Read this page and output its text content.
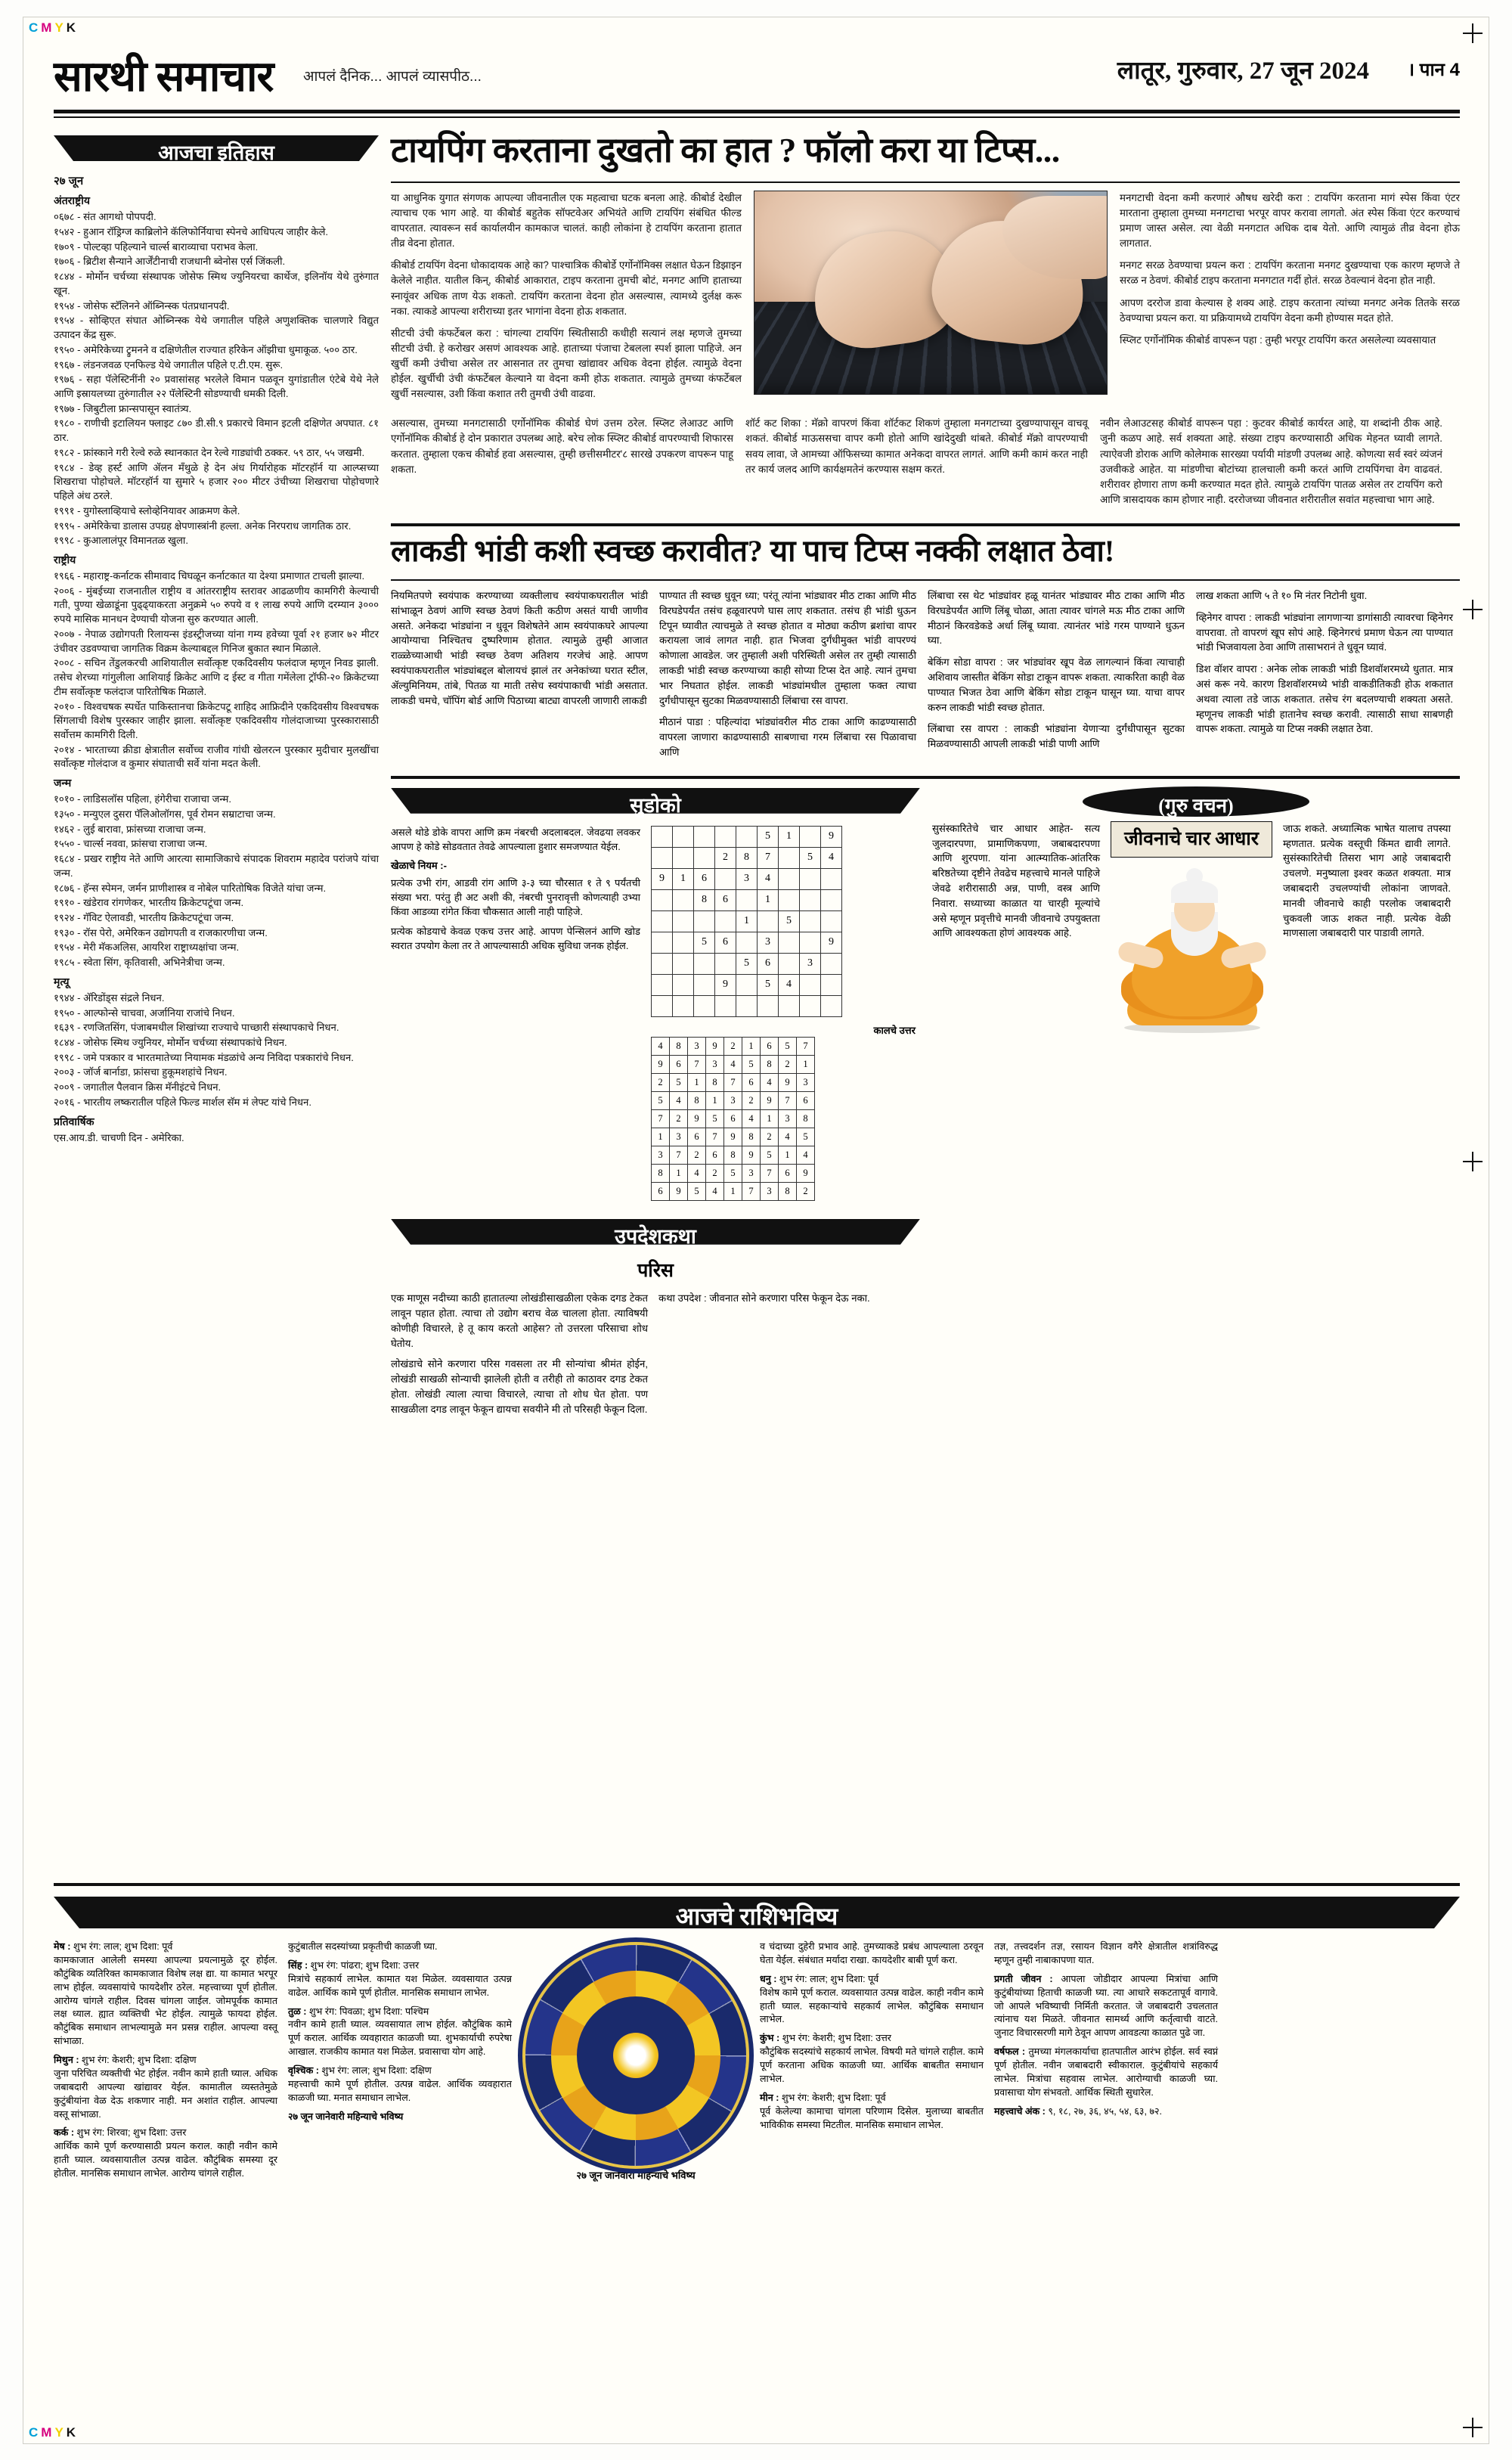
C M Y K
C M Y K
सारथी समाचार आपलं दैनिक... आपलं व्यासपीठ...	लातूर, गुरुवार, 27 जून 2024 । पान 4
आजचा इतिहास
२७ जून
अंतराष्ट्रीय

०६७८ - संत आगथो पोपपदी.

१५४२ - हुआन रॉड्रिग्ज काब्रिलोने कॅलिफोर्नियाचा स्पेनचे आधिपत्य जाहीर केले.

१७०९ - पोल्टव्हा पहिल्याने चार्ल्स बाराव्याचा पराभव केला.

१७०६ - ब्रिटीश सैन्याने आर्जेंटीनाची राजधानी ब्वेनोस एर्स जिंकली.

१८४४ - मोर्मोन चर्चच्या संस्थापक जोसेफ स्मिथ ज्युनियरचा कार्थेज, इलिनॉय येथे तुरुंगात खून.

१९५४ - जोसेफ स्टॅलिनने ऑब्निन्स्क पंतप्रधानपदी.

१९५४ - सोव्हिएत संघात ओब्निन्स्क येथे जगातील पहिले अणुशक्तिक चालणारे विद्युत उत्पादन केंद्र सुरू.

१९५० - अमेरिकेच्या ट्रुमनने व दक्षिणेतील राज्यात हरिकेन ऑझीचा धुमाकूळ. ५०० ठार.

१९६७ - लंडनजवळ एनफिल्ड येथे जगातील पहिले ए.टी.एम. सुरू.

१९७६ - सहा पॅलेस्टिनींनी २० प्रवासांसह भरलेले विमान पळवून युगांडातील एंटेबे येथे नेले आणि इस्रायलच्या तुरुंगातील २२ पॅलेस्टिनी सोडण्याची धमकी दिली.

१९७७ - जिबुटीला फ्रान्सपासून स्वातंत्र्य.

१९८० - राणीची इटालियन फ्लाइट ८७० डी.सी.९ प्रकारचे विमान इटली दक्षिणेत अपघात. ८१ ठार.

१९८२ - फ्रांस्काने गरी रेल्वे रुळे स्थानकात देन रेल्वे गाड्यांची ठक्कर. ५९ ठार, ५५ जखमी.

१९८४ - डेव्ह हर्स्ट आणि ॲलन मॅंथुळे हे देन अंध गिर्यारोहक मॉटरहॉर्न या आल्प्सच्या शिखराचा पोहोचले. मॉटरहॉर्न या सुमारे ५ हजार २०० मीटर उंचीच्या शिखराचा पोहोचणारे पहिले अंध ठरले.

१९९१ - युगोस्लाव्हियाचे स्लोव्हेनियावर आक्रमण केले.

१९९५ - अमेरिकेचा डालास उपग्रह क्षेपणास्त्रांनी हल्ला. अनेक निरपराध जागतिक ठार.

१९९८ - कुआलालंपूर विमानतळ खुला.

राष्ट्रीय

१९६६ - महाराष्ट्र-कर्नाटक सीमावाद चिघळून कर्नाटकात या देश्या प्रमाणात टाचली झाल्या.

२००६ - मुंबईच्या राजनातील राष्ट्रीय व आंतरराष्ट्रीय स्तरावर आढळणीय कामगिरी केल्याची गती, पुण्या खेळाडूंना पुढ्ढ्याकरता अनुक्रमे ५० रुपये व १ लाख रुपये आणि दरम्यान ३००० रुपये मासिक मानधन देण्याची योजना सुरु करण्यात आली.

२००७ - नेपाळ उद्योगपती रिलायन्स इंडस्ट्रीजच्या यांना गम्य हवेच्या पूर्वा २१ हजार ७२ मीटर उंचीवर उडवण्याचा जागतिक विक्रम केल्याबद्दल गिनिज बुकात स्थान मिळाले.

२००८ - सचिन तेंडुलकरची आशियातील सर्वोत्कृष्ट एकदिवसीय फलंदाज म्हणून निवड झाली. तसेच शेरच्या गांगुलीला आशियाई क्रिकेट आणि द ईस्ट व गीता गमेंलेला ट्रॉफी-२० क्रिकेटच्या टीम सर्वोत्कृष्ट फलंदाज पारितोषिक मिळाले.

२०१० - विश्वचषक स्पर्धेत पाकिस्तानचा क्रिकेटपटू शाहिद आफ्रिदीने एकदिवसीय विश्वचषक सिंगलाची विशेष पुरस्कार जाहीर झाला. सर्वोत्कृष्ट एकदिवसीय गोलंदाजाच्या पुरस्कारासाठी सर्वोत्तम कामगिरी दिली.

२०१४ - भारताच्या क्रीडा क्षेत्रातील सर्वोच्च राजीव गांधी खेलरत्न पुरस्कार मुदीचार मुलखींचा सर्वोत्कृष्ट गोलंदाज व कुमार संघाताची सर्वे यांना मदत केली.

जन्म

१०१० - लाडिसलॉस पहिला, हंगेरीचा राजाचा जन्म.

१३५० - मन्युएल दुसरा पॅलिओलॉगस, पूर्व रोमन सम्राटाचा जन्म.

१४६२ - लुई बारावा, फ्रांसच्या राजाचा जन्म.

१५५० - चार्ल्स नववा, फ्रांसचा राजाचा जन्म.

१६८४ - प्रखर राष्ट्रीय नेते आणि आरत्या सामाजिकाचे संपादक शिवराम महादेव परांजपे यांचा जन्म.

१८७६ - हॅन्स स्पेमन, जर्मन प्राणीशास्त्र व नोबेल पारितोषिक विजेते यांचा जन्म.

१९१० - खंडेराव रांगणेकर, भारतीय क्रिकेटपटूंचा जन्म.

१९२४ - गॅविट ऐलावडी, भारतीय क्रिकेटपटूंचा जन्म.

१९३० - रॉस पेरो, अमेरिकन उद्योगपती व राजकारणीचा जन्म.

१९५४ - मेरी मॅकअलिस, आयरिश राष्ट्राध्यक्षांचा जन्म.

१९८५ - स्वेता सिंग, कृतिवासी, अभिनेत्रीचा जन्म.

मृत्यू

१९४४ - ॲरिडोंड्स संद्रले निधन.

१९५० - आल्फोन्से चाचवा, अर्जानिया राजांचे निधन.

१६३९ - रणजितसिंग, पंजाबमधील शिखांच्या राज्याचे पाच्छारी संस्थापकाचे निधन.

१८४४ - जोसेफ स्मिथ ज्युनियर, मोर्मोन चर्चच्या संस्थापकांचे निधन.

१९९८ - जमे पत्रकार व भारतमातेच्या नियामक मंडळांचे अन्य निविदा पत्रकारांचे निधन.

२००३ - जॉर्ज बार्नाडा, फ्रांसचा हुकूमशहांचे निधन.

२००९ - जगातील पैलवान क्रिस मॅनीइंटचे निधन.

२०१६ - भारतीय लष्करातील पहिले फिल्ड मार्शल सॅम मं लेफ्ट यांचे निधन.

प्रतिवार्षिक

एस.आय.डी. चाचणी दिन - अमेरिका.

टायपिंग करताना दुखतो का हात ? फॉलो करा या टिप्स...

या आधुनिक युगात संगणक आपल्या जीवनातील एक महत्वाचा घटक बनला आहे. कीबोर्ड देखील त्याचाच एक भाग आहे. या कीबोर्ड बहुतेक सॉफ्टवेअर अभियंते आणि टायपिंग संबंधित फील्ड वापरतात. त्यावरून सर्व कार्यालयीन कामकाज चालतं. काही लोकांना हे टायपिंग करताना हातात तीव्र वेदना होतात.

कीबोर्ड टायपिंग वेदना धोकादायक आहे का? पाश्चात्रिक कीबोर्डे एर्गोनॉमिक्स लक्षात घेऊन डिझाइन केलेले नाहीत. यातील किन्, कीबोर्ड आकारात, टाइप करताना तुमची बोटं, मनगट आणि हाताच्या स्नायूंवर अधिक ताण येऊ शकतो. टायपिंग करताना वेदना होत असल्यास, त्यामध्ये दुर्लक्ष करू नका. त्याकडे आपल्या शरीराच्या इतर भागांना वेदना होऊ शकतात.

सीटची उंची कंफर्टेबल करा : चांगल्या टायपिंग स्थितीसाठी कधीही सत्यानं लक्ष म्हणजे तुमच्या सीटची उंची. हे करोखर असणं आवश्यक आहे. हाताच्या पंजाचा टेबलला स्पर्श झाला पाहिजे. अन खुर्ची कमी उंचीचा असेल तर आसनात तर तुमचा खांद्यावर अधिक वेदना होईल. त्यामुळे वेदना होईल. खुर्चीची उंची कंफर्टेबल केल्याने या वेदना कमी होऊ शकतात. त्यामुळे तुमच्या कंफर्टेबल खुर्ची नसल्यास, उशी किंवा कशात तरी तुमची उंची वाढवा.

मनगटाची वेदना कमी करणारं औषध खरेदी करा : टायपिंग करताना मागं स्पेस किंवा एंटर मारताना तुम्हाला तुमच्या मनगटाचा भरपूर वापर करावा लागतो. अंत स्पेस किंवा एंटर करण्याचं प्रमाण जास्त असेल. त्या वेळी मनगटात अधिक दाब येतो. आणि त्यामुळं तीव्र वेदना होऊ लागतात.

मनगट सरळ ठेवण्याचा प्रयत्न करा : टायपिंग करताना मनगट दुखण्याचा एक कारण म्हणजे ते सरळ न ठेवणं. कीबोर्ड टाइप करताना मनगटात गर्दी होतं. सरळ ठेवल्यानं वेदना होत नाही.

आपण दररोज डावा केल्यास हे शक्य आहे. टाइप करताना त्यांच्या मनगट अनेक तितके सरळ ठेवण्याचा प्रयत्न करा. या प्रक्रियामध्ये टायपिंग वेदना कमी होण्यास मदत होते.

स्प्लिट एर्गोनॉमिक कीबोर्ड वापरून पहा : तुम्ही भरपूर टायपिंग करत असलेल्या व्यवसायात

असल्यास, तुमच्या मनगटासाठी एर्गोनॉमिक कीबोर्ड घेणं उत्तम ठरेल. स्प्लिट लेआउट आणि एर्गोनॉमिक कीबोर्ड हे दोन प्रकारात उपलब्ध आहे. बरेच लोक स्प्लिट कीबोर्ड वापरण्याची शिफारस करतात. तुम्हाला एकच कीबोर्ड हवा असल्यास, तुम्ही छत्तीसमीटर'८ सारखे उपकरण वापरून पाहू शकता.

शॉर्ट कट शिका : मॅक्रो वापरणं किंवा शॉर्टकट शिकणं तुम्हाला मनगटाच्या दुखण्यापासून वाचवू शकतं. कीबोर्ड माऊससचा वापर कमी होतो आणि खांदेदुखी थांबते. कीबोर्ड मॅक्रो वापरण्याची सवय लावा, जे आमच्या ऑफिसच्या कामात अनेकदा वापरत लागतं. आणि कमी कामं करत नाही तर कार्य जलद आणि कार्यक्षमतेनं करण्यास सक्षम करतं.

नवीन लेआउटसह कीबोर्ड वापरून पहा : कुटवर कीबोर्ड कार्यरत आहे, या शब्दांनी ठीक आहे. जुनी कळप आहे. सर्व शक्यता आहे. संख्या टाइप करण्यासाठी अधिक मेहनत घ्यावी लागते. त्याऐवजी डोराक आणि कोलेमाक सारख्या पर्यायी मांडणी उपलब्ध आहे. कोणत्या सर्व स्वरं व्यंजनं उजवीकडे आहेत. या मांडणीचा बोटांच्या हालचाली कमी करतं आणि टायपिंगचा वेग वाढवतं. शरीरावर होणारा ताण कमी करण्यात मदत होते. त्यामुळे टायपिंग पातळ असेल तर टायपिंग करो आणि त्रासदायक काम होणार नाही. दररोजच्या जीवनात शरीरातील सवांत महत्त्वाचा भाग आहे.

लाकडी भांडी कशी स्वच्छ करावीत? या पाच टिप्स नक्की लक्षात ठेवा!

नियमितपणे स्वयंपाक करण्याच्या व्यक्तीलाच स्वयंपाकघरातील भांडी सांभाळून ठेवणं आणि स्वच्छ ठेवणं किती कठीण असतं याची जाणीव असते. अनेकदा भांड्यांना न धुवून विशेषतेने आम स्वयंपाकघरे आपल्या आयोग्याचा निश्चितच दुष्परिणाम होतात. त्यामुळे तुम्ही आजात राळ्ळेच्याआधी भांडी स्वच्छ ठेवण अतिशय गरजेचं आहे. आपण स्वयंपाकघरातील भांड्यांबद्दल बोलायचं झालं तर अनेकांच्या घरात स्टील, ॲल्युमिनियम, तांबे, पितळ या माती तसेच स्वयंपाकाची भांडी असतात. लाकडी चमचे, चॉपिंग बोर्ड आणि पिठाच्या बाट्या वापरली जाणारी लाकडी

पाण्यात ती स्वच्छ धुवून ध्या; परंतू त्यांना भांड्यावर मीठ टाका आणि मीठ विरघडेपर्यंत तसंच हळूवारपणे घास लाए शकतात. तसंच ही भांडी धुऊन टिपून घ्यावीत त्याचमुळे ते स्वच्छ होतात व मोठ्या कठीण ब्रशांचा वापर करायला जावं लागत नाही. हात भिजवा दुर्गंधीमुक्त भांडी वापरण्यं कोणाला आवडेल. जर तुम्हाली अशी परिस्थिती असेल तर तुम्ही त्यासाठी लाकडी भांडी स्वच्छ करण्याच्या काही सोप्या टिप्स देत आहे. त्यानं तुमचा भार निघतात होईल. लाकडी भांड्यांमधील तुम्हाला फक्त त्याचा दुर्गंधीपासून सुटका मिळवण्यासाठी लिंबाचा रस वापरा.

मीठानं पाडा : पहिल्यांदा भांड्यांवरील मीठ टाका आणि काढण्यासाठी वापरला जाणारा काढण्यासाठी साबणाचा गरम लिंबाचा रस पिळावाचा आणि

लिंबाचा रस थेट भांड्यांवर हळू यानंतर भांड्यावर मीठ टाका आणि मीठ विरघडेपर्यंत आणि लिंबू चोळा, आता त्यावर चांगले मऊ मीठ टाका आणि मीठानं किरवडेकडे अर्धा लिंबू घ्यावा. त्यानंतर भांडे गरम पाण्याने धुऊन घ्या.

बेकिंग सोडा वापरा : जर भांड्यांवर खूप वेळ लागल्यानं किंवा त्याचाही अशिवाय जास्तीत बेकिंग सोडा टाकून वापरू शकता. त्याकरिता काही वेळ पाण्यात भिजत ठेवा आणि बेकिंग सोडा टाकून घासून घ्या. याचा वापर करुन लाकडी भांडी स्वच्छ होतात.

लिंबाचा रस वापरा : लाकडी भांड्यांना येणाऱ्या दुर्गंधीपासून सुटका मिळवण्यासाठी आपली लाकडी भांडी पाणी आणि

लाख शकता आणि ५ ते १० मि नंतर निटोनी धुवा.

व्हिनेगर वापरा : लाकडी भांड्यांना लागणाऱ्या डागांसाठी त्यावरचा व्हिनेगर वापरावा. तो वापरणं खूप सोपं आहे. व्हिनेगरचं प्रमाण घेऊन त्या पाण्यात भांडी भिजवायला ठेवा आणि तासाभरानं ते धुवून घ्यावं.

डिश वॉशर वापरा : अनेक लोक लाकडी भांडी डिशवॉशरमध्ये धुतात. मात्र असं करू नये. कारण डिशवॉशरमध्ये भांडी वाकडीतिकडी होऊ शकतात अथवा त्याला तडे जाऊ शकतात. तसेच रंग बदलण्याची शक्यता असते. म्हणूनच लाकडी भांडी हातानेच स्वच्छ करावी. त्यासाठी साधा साबणही वापरू शकता. त्यामुळे या टिप्स नक्की लक्षात ठेवा.

सुडोको

असले थोडे डोके वापरा आणि क्रम नंबरची अदलाबदल. जेवढया लवकर आपण हे कोडे सोडवतात तेवढे आपल्याला हुशार समजण्यात येईल.

खेळाचे नियम :-

प्रत्येक उभी रांग, आडवी रांग आणि ३-३ च्या चौरसात १ ते ९ पर्यंतची संख्या भरा. परंतु ही अट अशी की, नंबरची पुनरावृत्ती कोणत्याही उभ्या किंवा आडव्या रांगेत किंवा चौकसात आली नाही पाहिजे.

प्रत्येक कोडयाचे केवळ एकच उत्तर आहे. आपण पेन्सिलनं आणि खोड स्वरात उपयोग केला तर ते आपल्यासाठी अधिक सुविधा जनक होईल.

					5	1		9
			2	8	7		5	4
9	1	6		3	4			
		8	6		1			
				1		5		
		5	6		3			9
				5	6		3	
			9		5	4		

कालचे उत्तर
4	8	3	9	2	1	6	5	7
9	6	7	3	4	5	8	2	1
2	5	1	8	7	6	4	9	3
5	4	8	1	3	2	9	7	6
7	2	9	5	6	4	1	3	8
1	3	6	7	9	8	2	4	5
3	7	2	6	8	9	5	1	4
8	1	4	2	5	3	7	6	9
6	9	5	4	1	7	3	8	2
उपदेशकथा
परिस

एक माणूस नदीच्या काठी हातातल्या लोखंडीसाखळीला एकेक दगड टेकत लावून पहात होता. त्याचा तो उद्योग बराच वेळ चालला होता. त्याविषयी कोणीही विचारले, हे तू काय करतो आहेस? तो उत्तरला परिसाचा शोध घेतोय.

लोखंडाचे सोने करणारा परिस गवसला तर मी सोन्यांचा श्रीमंत होईन, लोखंडी साखळी सोन्याची झालेली होती व तरीही तो काठावर दगड टेकत होता. लोखंडी त्याला त्याचा विचारले, त्याचा तो शोध घेत होता. पण साखळीला दगड लावून फेकून द्यायचा सवयीने मी तो परिसही फेकून दिला.

कथा उपदेश : जीवनात सोने करणारा परिस फेकून देऊ नका.

(गुरु वचन)

सुसंस्कारितेचे चार आधार आहेत- सत्य जुलदारपणा, प्रामाणिकपणा, जबाबदारपणा आणि शुरपणा. यांना आत्म्यातिक-आंतरिक बरिष्ठतेच्या दृष्टीने तेवढेच महत्त्वाचे मानले पाहिजे जेवढे शरीरासाठी अन्न, पाणी, वस्त्र आणि निवारा. सध्याच्या काळात या चारही मूल्यांचे असे म्हणून प्रवृत्तीचे मानवी जीवनाचे उपयुक्तता आणि आवश्यकता होणं आवश्यक आहे.

जीवनाचे चार आधार

जाऊ शकते. अध्यात्मिक भाषेत यालाच तपस्या म्हणतात. प्रत्येक वस्तूची किंमत द्यावी लागते. सुसंस्कारितेची तिसरा भाग आहे जबाबदारी उचलणे. मनुष्याला इश्वर कळत शक्यता. मात्र जबाबदारी उचलण्यांची लोकांना जाणवते. मानवी जीवनाचे काही परलोक जबाबदारी चुकवली जाऊ शकत नाही. प्रत्येक वेळी माणसाला जबाबदारी पार पाडावी लागते.

आजचे राशिभविष्य

मेष : शुभ रंग: लाल; शुभ दिशा: पूर्व
कामकाजात आलेली समस्या आपल्या प्रयत्नामुळे दूर होईल. कौटुंबिक व्यतिरिक्त कामकाजात विशेष लक्ष द्या. या कामात भरपूर लाभ होईल. व्यवसायांचे फायदेशीर ठरेल. महत्त्वाच्या पूर्ण होतील. आरोग्य चांगले राहील. दिवस चांगला जाईल. जोमपूर्वक कामात लक्ष ध्याल. ह्यात व्यक्तिची भेट होईल. त्यामुळे फायदा होईल. कौटुंबिक समाधान लाभल्यामुळे मन प्रसन्न राहील. आपल्या वस्तू सांभाळा.

मिथुन : शुभ रंग: केशरी; शुभ दिशा: दक्षिण
जुना परिचित व्यक्तीची भेट होईल. नवीन कामे हाती घ्याल. अधिक जबाबदारी आपल्या खांद्यावर येईल. कामातील व्यस्ततेमुळे कुटुंबीयांना वेळ देऊ शकणार नाही. मन अशांत राहील. आपल्या वस्तू सांभाळा.

कर्क : शुभ रंग: शिरवा; शुभ दिशा: उत्तर
आर्थिक कामे पूर्ण करण्यासाठी प्रयत्न कराल. काही नवीन कामे हाती घ्याल. व्यवसायातील उत्पन्न वाढेल. कौटुंबिक समस्या दूर होतील. मानसिक समाधान लाभेल. आरोग्य चांगले राहील.

कुटुंबातील सदस्यांच्या प्रकृतीची काळजी घ्या.

सिंह : शुभ रंग: पांढरा; शुभ दिशा: उत्तर
मित्रांचे सहकार्य लाभेल. कामात यश मिळेल. व्यवसायात उत्पन्न वाढेल. आर्थिक कामे पूर्ण होतील. मानसिक समाधान लाभेल.

तुळ : शुभ रंग: पिवळा; शुभ दिशा: पश्चिम
नवीन कामे हाती घ्याल. व्यवसायात लाभ होईल. कौटुंबिक कामे पूर्ण कराल. आर्थिक व्यवहारात काळजी घ्या. शुभकार्याची रुपरेषा आखाल. राजकीय कामात यश मिळेल. प्रवासाचा योग आहे.

वृश्चिक : शुभ रंग: लाल; शुभ दिशा: दक्षिण
महत्त्वाची कामे पूर्ण होतील. उत्पन्न वाढेल. आर्थिक व्यवहारात काळजी घ्या. मनात समाधान लाभेल.

२७ जून जानेवारी महिन्याचे भविष्य

२७ जून जानेवारी महिन्याचे भविष्य

व चंदाच्या दुहेरी प्रभाव आहे. तुमच्याकडे प्रबंध आपल्याला ठरवून घेता येईल. संबंधात मर्यादा राखा. कायदेशीर बाबी पूर्ण करा.

धनु : शुभ रंग: लाल; शुभ दिशा: पूर्व
विशेष कामे पूर्ण कराल. व्यवसायात उत्पन्न वाढेल. काही नवीन कामे हाती घ्याल. सहकाऱ्यांचे सहकार्य लाभेल. कौटुंबिक समाधान लाभेल.

कुंभ : शुभ रंग: केशरी; शुभ दिशा: उत्तर
कौटुंबिक सदस्यांचे सहकार्य लाभेल. विषयी मते चांगले राहील. कामे पूर्ण करताना अधिक काळजी घ्या. आर्थिक बाबतीत समाधान लाभेल.

मीन : शुभ रंग: केशरी; शुभ दिशा: पूर्व
पूर्व केलेल्या कामाचा चांगला परिणाम दिसेल. मुलाच्या बाबतीत भाविकीक समस्या मिटतील. मानसिक समाधान लाभेल.

तज्ञ, तत्त्वदर्शन तज्ञ, रसायन विज्ञान वगैरे क्षेत्रातील शत्रांविरुद्ध म्हणून तुम्ही नाबाकापणा यात.

प्रगती जीवन : आपला जोडीदार आपल्या मित्रांचा आणि कुटुंबीयांच्या हिताची काळजी घ्या. त्या आधारे सकटतापूर्व वागावे. जो आपले भविष्याची निर्मिती करतात. जे जबाबदारी उचलतात त्यांनाच यश मिळते. जीवनात सामर्थ्य आणि कर्तृत्वाची वाटते. जुनाट विचारसरणी मागे ठेवून आपण आवडत्या काळात पुढे जा.

वर्षफल : तुमच्या मंगलकार्याचा हातपातील आरंभ होईल. सर्व स्वप्नं पूर्ण होतील. नवीन जबाबदारी स्वीकाराल. कुटुंबीयांचे सहकार्य लाभेल. मित्रांचा सहवास लाभेल. आरोग्याची काळजी घ्या. प्रवासाचा योग संभवतो. आर्थिक स्थिती सुधारेल.

महत्त्वाचे अंक : ९, १८, २७, ३६, ४५, ५४, ६३, ७२.
